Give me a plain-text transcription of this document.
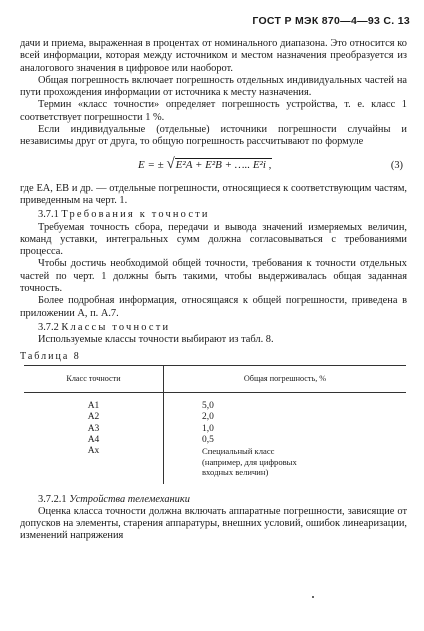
ГОСТ Р МЭК 870—4—93 С. 13

дачи и приема, выраженная в процентах от номинального диапазона. Это относится ко всей информации, которая между источником и местом назначения преобразуется из аналогового значения в цифровое или наоборот.

Общая погрешность включает погрешность отдельных индивидуальных частей на пути прохождения информации от источника к месту назначения.

Термин «класс точности» определяет погрешность устройства, т. е. класс 1 соответствует погрешности 1 %.

Если индивидуальные (отдельные) источники погрешности случайны и независимы друг от друга, то общую погрешность рассчитывают по формуле

E = ± √E²A + E²B + ….. E²i ,	(3)

где EA, EB и др. — отдельные погрешности, относящиеся к соответствующим частям, приведенным на черт. 1.

3.7.1 Требования к точности

Требуемая точность сбора, передачи и вывода значений измеряемых величин, команд уставки, интегральных сумм должна согласовываться с требованиями процесса.

Чтобы достичь необходимой общей точности, требования к точности отдельных частей по черт. 1 должны быть такими, чтобы выдерживалась общая заданная точность.

Более подробная информация, относящаяся к общей погрешности, приведена в приложении А, п. А.7.

3.7.2 Классы точности

Используемые классы точности выбирают из табл. 8.

Таблица 8

Класс точности	Общая погрешность, %
A1	5,0
A2	2,0
A3	1,0
A4	0,5
Ax	Специальный класс (например, для цифровых входных величин)

3.7.2.1 Устройства телемеханики

Оценка класса точности должна включать аппаратные погрешности, зависящие от допусков на элементы, старения аппаратуры, внешних условий, ошибок линеаризации, изменений напряжения
